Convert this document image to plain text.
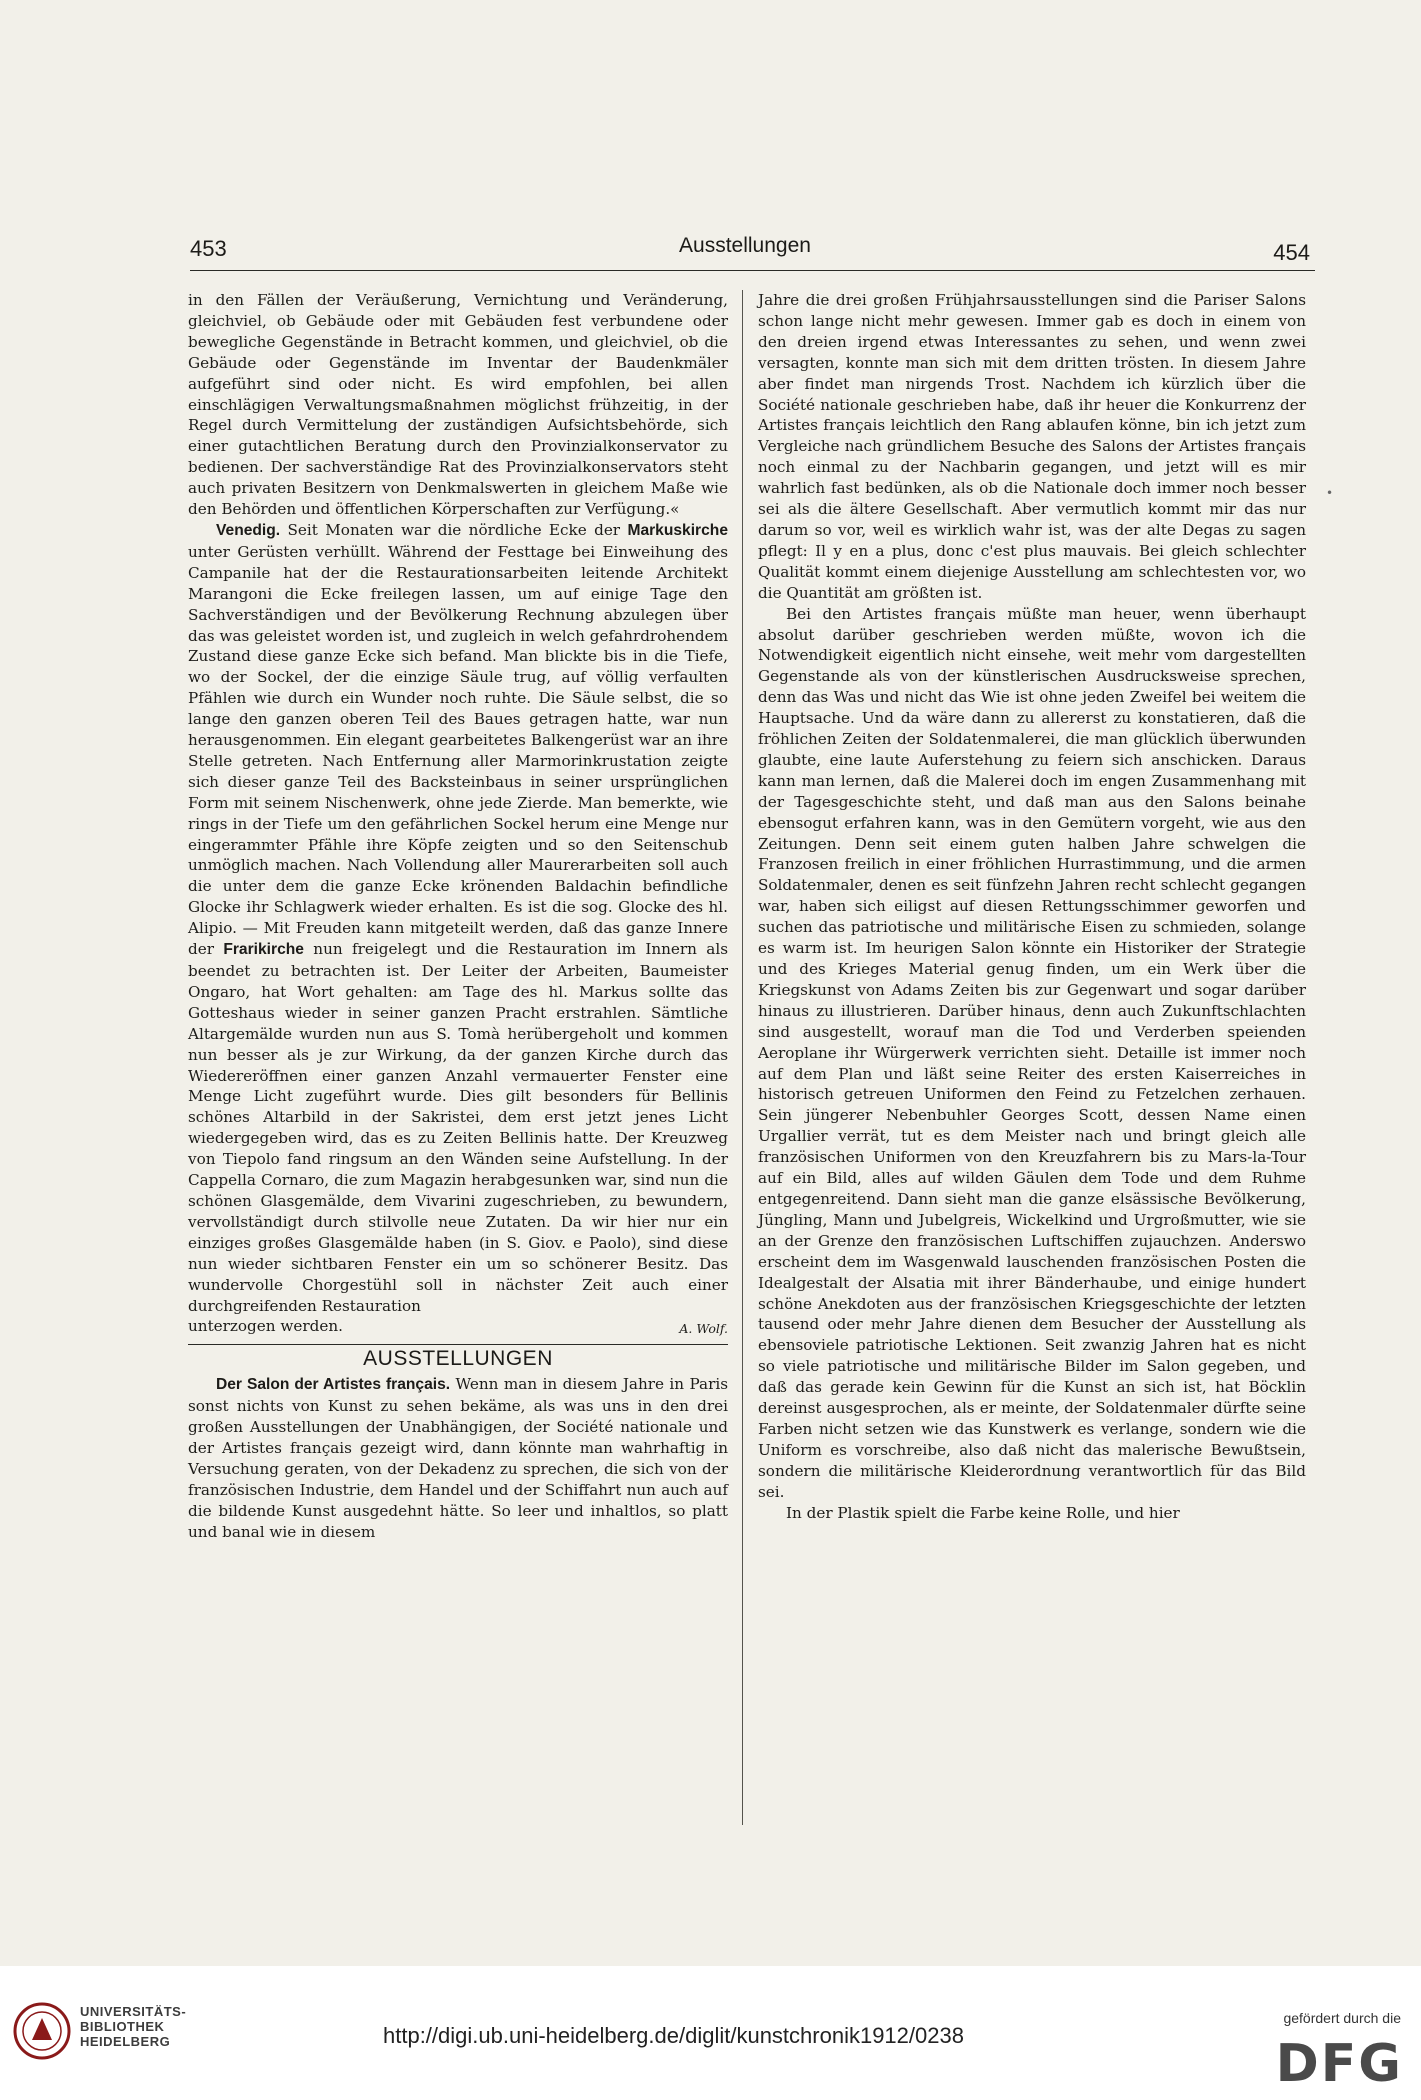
453	Ausstellungen	454

in den Fällen der Veräußerung, Vernichtung und Veränderung, gleichviel, ob Gebäude oder mit Gebäuden fest verbundene oder bewegliche Gegenstände in Betracht kommen, und gleichviel, ob die Gebäude oder Gegenstände im Inventar der Baudenkmäler aufgeführt sind oder nicht. Es wird empfohlen, bei allen einschlägigen Verwaltungsmaßnahmen möglichst frühzeitig, in der Regel durch Vermittelung der zuständigen Aufsichtsbehörde, sich einer gutachtlichen Beratung durch den Provinzialkonservator zu bedienen. Der sachverständige Rat des Provinzialkonservators steht auch privaten Besitzern von Denkmalswerten in gleichem Maße wie den Behörden und öffentlichen Körperschaften zur Verfügung.«

Venedig. Seit Monaten war die nördliche Ecke der Markuskirche unter Gerüsten verhüllt. Während der Festtage bei Einweihung des Campanile hat der die Restaurationsarbeiten leitende Architekt Marangoni die Ecke freilegen lassen, um auf einige Tage den Sachverständigen und der Bevölkerung Rechnung abzulegen über das was geleistet worden ist, und zugleich in welch gefahrdrohendem Zustand diese ganze Ecke sich befand. Man blickte bis in die Tiefe, wo der Sockel, der die einzige Säule trug, auf völlig verfaulten Pfählen wie durch ein Wunder noch ruhte. Die Säule selbst, die so lange den ganzen oberen Teil des Baues getragen hatte, war nun herausgenommen. Ein elegant gearbeitetes Balkengerüst war an ihre Stelle getreten. Nach Entfernung aller Marmorinkrustation zeigte sich dieser ganze Teil des Backsteinbaus in seiner ursprünglichen Form mit seinem Nischenwerk, ohne jede Zierde. Man bemerkte, wie rings in der Tiefe um den gefährlichen Sockel herum eine Menge nur eingerammter Pfähle ihre Köpfe zeigten und so den Seitenschub unmöglich machen. Nach Vollendung aller Maurerarbeiten soll auch die unter dem die ganze Ecke krönenden Baldachin befindliche Glocke ihr Schlagwerk wieder erhalten. Es ist die sog. Glocke des hl. Alipio. — Mit Freuden kann mitgeteilt werden, daß das ganze Innere der Frarikirche nun freigelegt und die Restauration im Innern als beendet zu betrachten ist. Der Leiter der Arbeiten, Baumeister Ongaro, hat Wort gehalten: am Tage des hl. Markus sollte das Gotteshaus wieder in seiner ganzen Pracht erstrahlen. Sämtliche Altargemälde wurden nun aus S. Tomà herübergeholt und kommen nun besser als je zur Wirkung, da der ganzen Kirche durch das Wiedereröffnen einer ganzen Anzahl vermauerter Fenster eine Menge Licht zugeführt wurde. Dies gilt besonders für Bellinis schönes Altarbild in der Sakristei, dem erst jetzt jenes Licht wiedergegeben wird, das es zu Zeiten Bellinis hatte. Der Kreuzweg von Tiepolo fand ringsum an den Wänden seine Aufstellung. In der Cappella Cornaro, die zum Magazin herabgesunken war, sind nun die schönen Glasgemälde, dem Vivarini zugeschrieben, zu bewundern, vervollständigt durch stilvolle neue Zutaten. Da wir hier nur ein einziges großes Glasgemälde haben (in S. Giov. e Paolo), sind diese nun wieder sichtbaren Fenster ein um so schönerer Besitz. Das wundervolle Chorgestühl soll in nächster Zeit auch einer durchgreifenden Restauration

unterzogen werden.	A. Wolf.
AUSSTELLUNGEN

Der Salon der Artistes français. Wenn man in diesem Jahre in Paris sonst nichts von Kunst zu sehen bekäme, als was uns in den drei großen Ausstellungen der Unabhängigen, der Société nationale und der Artistes français gezeigt wird, dann könnte man wahrhaftig in Versuchung geraten, von der Dekadenz zu sprechen, die sich von der französischen Industrie, dem Handel und der Schiffahrt nun auch auf die bildende Kunst ausgedehnt hätte. So leer und inhaltlos, so platt und banal wie in diesem

Jahre die drei großen Frühjahrsausstellungen sind die Pariser Salons schon lange nicht mehr gewesen. Immer gab es doch in einem von den dreien irgend etwas Interessantes zu sehen, und wenn zwei versagten, konnte man sich mit dem dritten trösten. In diesem Jahre aber findet man nirgends Trost. Nachdem ich kürzlich über die Société nationale geschrieben habe, daß ihr heuer die Konkurrenz der Artistes français leichtlich den Rang ablaufen könne, bin ich jetzt zum Vergleiche nach gründlichem Besuche des Salons der Artistes français noch einmal zu der Nachbarin gegangen, und jetzt will es mir wahrlich fast bedünken, als ob die Nationale doch immer noch besser sei als die ältere Gesellschaft. Aber vermutlich kommt mir das nur darum so vor, weil es wirklich wahr ist, was der alte Degas zu sagen pflegt: Il y en a plus, donc c'est plus mauvais. Bei gleich schlechter Qualität kommt einem diejenige Ausstellung am schlechtesten vor, wo die Quantität am größten ist.

Bei den Artistes français müßte man heuer, wenn überhaupt absolut darüber geschrieben werden müßte, wovon ich die Notwendigkeit eigentlich nicht einsehe, weit mehr vom dargestellten Gegenstande als von der künstlerischen Ausdrucksweise sprechen, denn das Was und nicht das Wie ist ohne jeden Zweifel bei weitem die Hauptsache. Und da wäre dann zu allererst zu konstatieren, daß die fröhlichen Zeiten der Soldatenmalerei, die man glücklich überwunden glaubte, eine laute Auferstehung zu feiern sich anschicken. Daraus kann man lernen, daß die Malerei doch im engen Zusammenhang mit der Tagesgeschichte steht, und daß man aus den Salons beinahe ebensogut erfahren kann, was in den Gemütern vorgeht, wie aus den Zeitungen. Denn seit einem guten halben Jahre schwelgen die Franzosen freilich in einer fröhlichen Hurrastimmung, und die armen Soldatenmaler, denen es seit fünfzehn Jahren recht schlecht gegangen war, haben sich eiligst auf diesen Rettungsschimmer geworfen und suchen das patriotische und militärische Eisen zu schmieden, solange es warm ist. Im heurigen Salon könnte ein Historiker der Strategie und des Krieges Material genug finden, um ein Werk über die Kriegskunst von Adams Zeiten bis zur Gegenwart und sogar darüber hinaus zu illustrieren. Darüber hinaus, denn auch Zukunftschlachten sind ausgestellt, worauf man die Tod und Verderben speienden Aeroplane ihr Würgerwerk verrichten sieht. Detaille ist immer noch auf dem Plan und läßt seine Reiter des ersten Kaiserreiches in historisch getreuen Uniformen den Feind zu Fetzelchen zerhauen. Sein jüngerer Nebenbuhler Georges Scott, dessen Name einen Urgallier verrät, tut es dem Meister nach und bringt gleich alle französischen Uniformen von den Kreuzfahrern bis zu Mars-la-Tour auf ein Bild, alles auf wilden Gäulen dem Tode und dem Ruhme entgegenreitend. Dann sieht man die ganze elsässische Bevölkerung, Jüngling, Mann und Jubelgreis, Wickelkind und Urgroßmutter, wie sie an der Grenze den französischen Luftschiffen zujauchzen. Anderswo erscheint dem im Wasgenwald lauschenden französischen Posten die Idealgestalt der Alsatia mit ihrer Bänderhaube, und einige hundert schöne Anekdoten aus der französischen Kriegsgeschichte der letzten tausend oder mehr Jahre dienen dem Besucher der Ausstellung als ebensoviele patriotische Lektionen. Seit zwanzig Jahren hat es nicht so viele patriotische und militärische Bilder im Salon gegeben, und daß das gerade kein Gewinn für die Kunst an sich ist, hat Böcklin dereinst ausgesprochen, als er meinte, der Soldatenmaler dürfte seine Farben nicht setzen wie das Kunstwerk es verlange, sondern wie die Uniform es vorschreibe, also daß nicht das malerische Bewußtsein, sondern die militärische Kleiderordnung verantwortlich für das Bild sei.

In der Plastik spielt die Farbe keine Rolle, und hier

•
UNIVERSITÄTS-
BIBLIOTHEK
HEIDELBERG	http://digi.ub.uni-heidelberg.de/diglit/kunstchronik1912/0238
gefördert durch die
DFG
